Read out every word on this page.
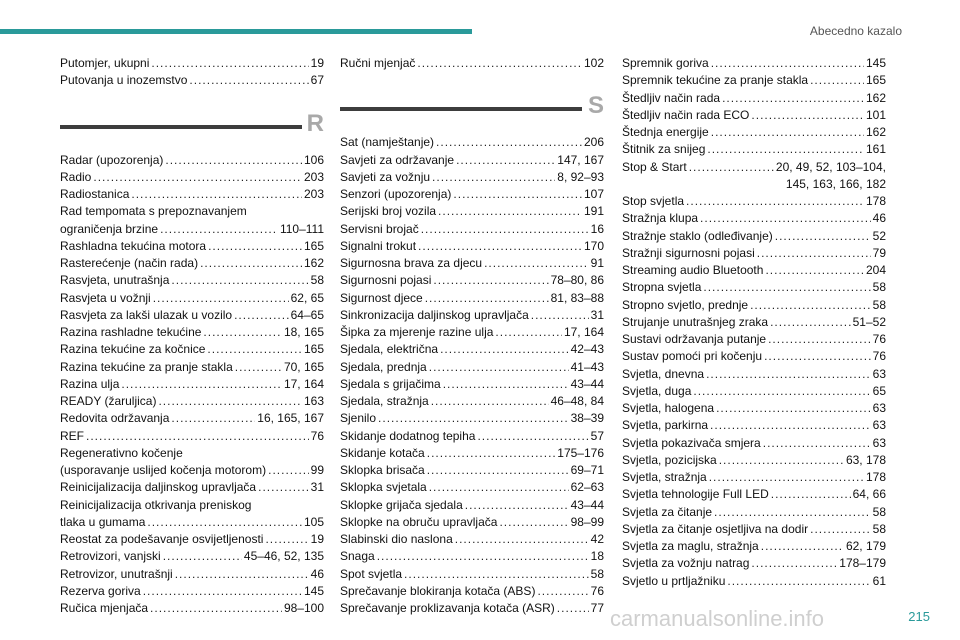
Abecedno kazalo
Putomjer, ukupni .....	19
Putovanja u inozemstvo .....	67
R
Radar (upozorenja) .....	106
Radio .....	203
Radiostanica .....	203
Rad tempomata s prepoznavanjem
ograničenja brzine .....	110–111
Rashladna tekućina motora .....	165
Rasterećenje (način rada) .....	162
Rasvjeta, unutrašnja .....	58
Rasvjeta u vožnji .....	62, 65
Rasvjeta za lakši ulazak u vozilo .....	64–65
Razina rashladne tekućine .....	18, 165
Razina tekućine za kočnice .....	165
Razina tekućine za pranje stakla .....	70, 165
Razina ulja .....	17, 164
READY (žaruljica) .....	163
Redovita održavanja .....	16, 165, 167
REF .....	76
Regenerativno kočenje
(usporavanje uslijed kočenja motorom) .....	99
Reinicijalizacija daljinskog upravljača .....	31
Reinicijalizacija otkrivanja preniskog
tlaka u gumama .....	105
Reostat za podešavanje osvijetljenosti .....	19
Retrovizori, vanjski .....	45–46, 52, 135
Retrovizor, unutrašnji .....	46
Rezerva goriva .....	145
Ručica mjenjača .....	98–100
Ručni mjenjač .....	102
S
Sat (namještanje) .....	206
Savjeti za održavanje .....	147, 167
Savjeti za vožnju .....	8, 92–93
Senzori (upozorenja) .....	107
Serijski broj vozila .....	191
Servisni brojač .....	16
Signalni trokut .....	170
Sigurnosna brava za djecu .....	91
Sigurnosni pojasi .....	78–80, 86
Sigurnost djece .....	81, 83–88
Sinkronizacija daljinskog upravljača .....	31
Šipka za mjerenje razine ulja .....	17, 164
Sjedala, električna .....	42–43
Sjedala, prednja .....	41–43
Sjedala s grijačima .....	43–44
Sjedala, stražnja .....	46–48, 84
Sjenilo .....	38–39
Skidanje dodatnog tepiha .....	57
Skidanje kotača .....	175–176
Sklopka brisača .....	69–71
Sklopka svjetala .....	62–63
Sklopke grijača sjedala .....	43–44
Sklopke na obruču upravljača .....	98–99
Slabinski dio naslona .....	42
Snaga .....	18
Spot svjetla .....	58
Sprečavanje blokiranja kotača (ABS) .....	76
Sprečavanje proklizavanja kotača (ASR) .....	77
Spremnik goriva .....	145
Spremnik tekućine za pranje stakla .....	165
Štedljiv način rada .....	162
Štedljiv način rada ECO .....	101
Štednja energije .....	162
Štitnik za snijeg .....	161
Stop & Start .....	20, 49, 52, 103–104,
145, 163, 166, 182
Stop svjetla .....	178
Stražnja klupa .....	46
Stražnje staklo (odleđivanje) .....	52
Stražnji sigurnosni pojasi .....	79
Streaming audio Bluetooth .....	204
Stropna svjetla .....	58
Stropno svjetlo, prednje .....	58
Strujanje unutrašnjeg zraka .....	51–52
Sustavi održavanja putanje .....	76
Sustav pomoći pri kočenju .....	76
Svjetla, dnevna .....	63
Svjetla, duga .....	65
Svjetla, halogena .....	63
Svjetla, parkirna .....	63
Svjetla pokazivača smjera .....	63
Svjetla, pozicijska .....	63, 178
Svjetla, stražnja .....	178
Svjetla tehnologije Full LED .....	64, 66
Svjetla za čitanje .....	58
Svjetla za čitanje osjetljiva na dodir .....	58
Svjetla za maglu, stražnja .....	62, 179
Svjetla za vožnju natrag .....	178–179
Svjetlo u prtljažniku .....	61
carmanualsonline.info	215
